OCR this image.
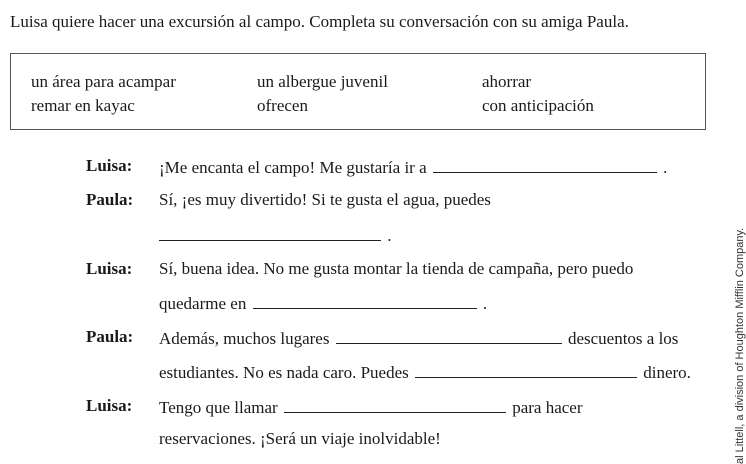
Luisa quiere hacer una excursión al campo. Completa su conversación con su amiga Paula.
un área para acampar	un albergue juvenil	ahorrar
remar en kayac	ofrecen	con anticipación
Luisa:	¡Me encanta el campo! Me gustaría ir a	.
Paula:	Sí, ¡es muy divertido! Si te gusta el agua, puedes
.
Luisa:	Sí, buena idea. No me gusta montar la tienda de campaña, pero puedo
quedarme en	.
Paula:	Además, muchos lugares	descuentos a los
estudiantes. No es nada caro. Puedes	dinero.
Luisa:	Tengo que llamar	para hacer
reservaciones. ¡Será un viaje inolvidable!	al Littell, a division of Houghton Mifflin Company.
